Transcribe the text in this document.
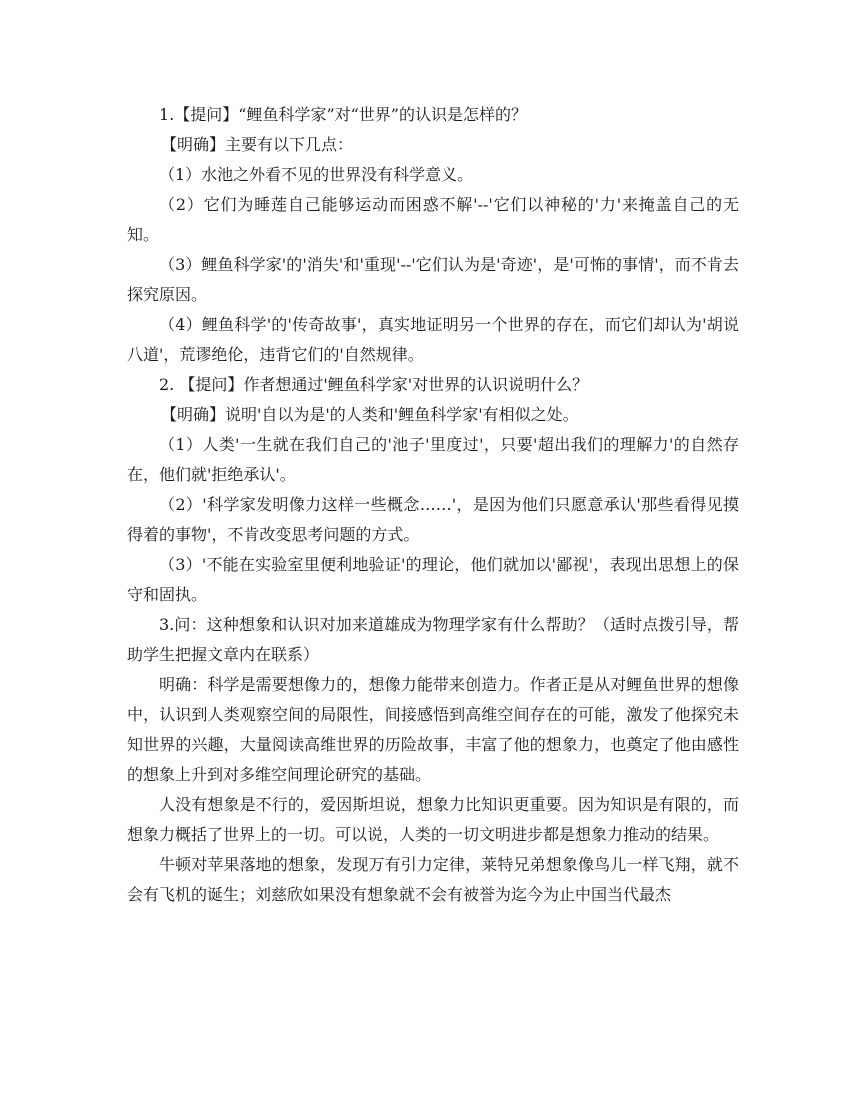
1.【提问】“鲤鱼科学家”对“世界”的认识是怎样的？

【明确】主要有以下几点：

（1）水池之外看不见的世界没有科学意义。

（2）它们为睡莲自己能够运动而困惑不解'--'它们以神秘的'力'来掩盖自己的无知。

（3）鲤鱼科学家'的'消失'和'重现'--'它们认为是'奇迹'，是'可怖的事情'，而不肯去探究原因。

（4）鲤鱼科学'的'传奇故事'，真实地证明另一个世界的存在，而它们却认为'胡说八道'，荒谬绝伦，违背它们的'自然规律。

2. 【提问】作者想通过'鲤鱼科学家'对世界的认识说明什么？

【明确】说明'自以为是'的人类和'鲤鱼科学家'有相似之处。

（1）人类'一生就在我们自己的'池子'里度过'，只要'超出我们的理解力'的自然存在，他们就'拒绝承认'。

（2）'科学家发明像力这样一些概念……'，是因为他们只愿意承认'那些看得见摸得着的事物'，不肯改变思考问题的方式。

（3）'不能在实验室里便利地验证'的理论，他们就加以'鄙视'，表现出思想上的保守和固执。

3.问：这种想象和认识对加来道雄成为物理学家有什么帮助？（适时点拨引导，帮助学生把握文章内在联系）

明确：科学是需要想像力的，想像力能带来创造力。作者正是从对鲤鱼世界的想像中，认识到人类观察空间的局限性，间接感悟到高维空间存在的可能，激发了他探究未知世界的兴趣，大量阅读高维世界的历险故事，丰富了他的想象力，也奠定了他由感性的想象上升到对多维空间理论研究的基础。

人没有想象是不行的，爱因斯坦说，想象力比知识更重要。因为知识是有限的，而想象力概括了世界上的一切。可以说，人类的一切文明进步都是想象力推动的结果。

牛顿对苹果落地的想象，发现万有引力定律，莱特兄弟想象像鸟儿一样飞翔，就不会有飞机的诞生；刘慈欣如果没有想象就不会有被誉为迄今为止中国当代最杰
